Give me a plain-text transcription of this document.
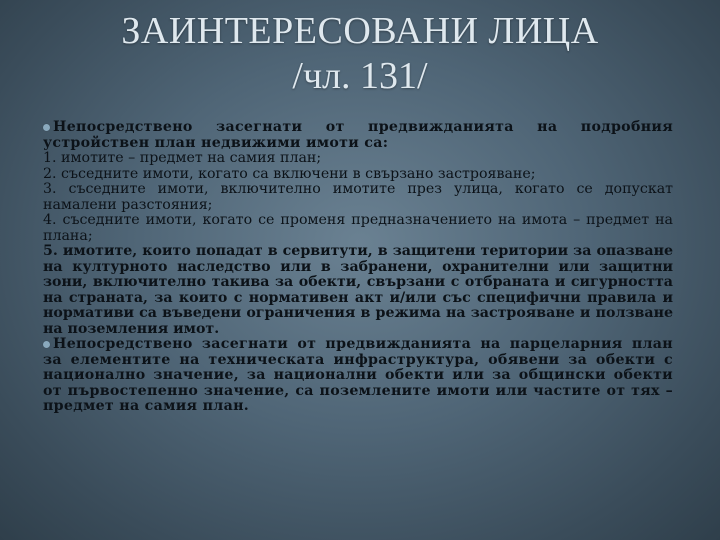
ЗАИНТЕРЕСОВАНИ ЛИЦА
/чл. 131/

Непосредствено засегнати от предвижданията на подробния устройствен план недвижими имоти са:

1. имотите – предмет на самия план;

2. съседните имоти, когато са включени в свързано застрояване;

3. съседните имоти, включително имотите през улица, когато се допускат намалени разстояния;

4. съседните имоти, когато се променя предназначението на имота – предмет на плана;

5. имотите, които попадат в сервитути, в защитени територии за опазване на културното наследство или в забранени, охранителни или защитни зони, включително такива за обекти, свързани с отбраната и сигурността на страната, за които с нормативен акт и/или със специфични правила и нормативи са въведени ограничения в режима на застрояване и ползване на поземления имот.

Непосредствено засегнати от предвижданията на парцеларния план за елементите на техническата инфраструктура, обявени за обекти с национално значение, за национални обекти или за общински обекти от първостепенно значение, са поземлените имоти или частите от тях – предмет на самия план.
